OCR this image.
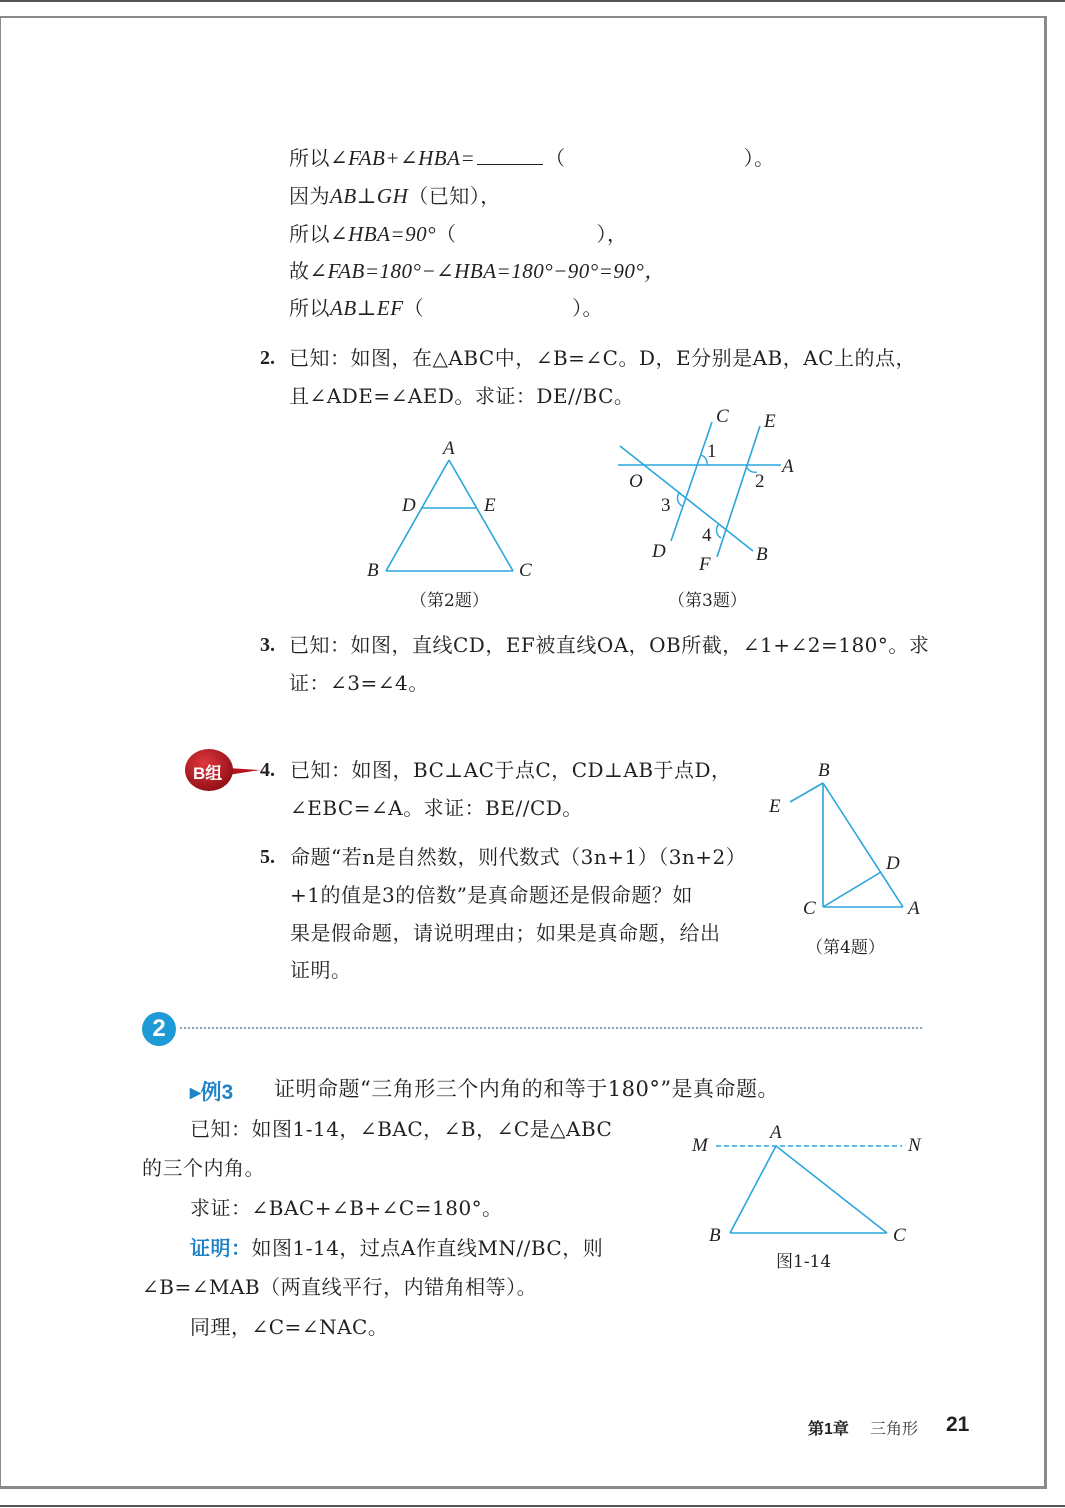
所以∠FAB+∠HBA=	（	）。
因为AB⊥GH（已知），
所以∠HBA=90°（	），
故∠FAB=180°−∠HBA=180°−90°=90°，
所以AB⊥EF（	）。
2. 已知：如图，在△ABC中，∠B=∠C。D，E分别是AB，AC上的点，
且∠ADE=∠AED。求证：DE//BC。
A
D	E
B	C
（第2题）
C E
A
O
D
F B
1
2
3
4
（第3题）
3. 已知：如图，直线CD，EF被直线OA，OB所截，∠1+∠2=180°。求
证：∠3=∠4。
B组 4. 已知：如图，BC⊥AC于点C，CD⊥AB于点D，
∠EBC=∠A。求证：BE//CD。
5. 命题“若n是自然数，则代数式（3n+1）（3n+2）
+1的值是3的倍数”是真命题还是假命题？如
果是假命题，请说明理由；如果是真命题，给出
证明。
B
E
D
C	A
（第4题）
2
▸例3 证明命题“三角形三个内角的和等于180°”是真命题。
已知：如图1-14，∠BAC，∠B，∠C是△ABC
的三个内角。
求证：∠BAC+∠B+∠C=180°。
证明：如图1-14，过点A作直线MN//BC，则
∠B=∠MAB（两直线平行，内错角相等）。
同理，∠C=∠NAC。
M
A
N
B	C
图1-14
第1章 三角形 21
